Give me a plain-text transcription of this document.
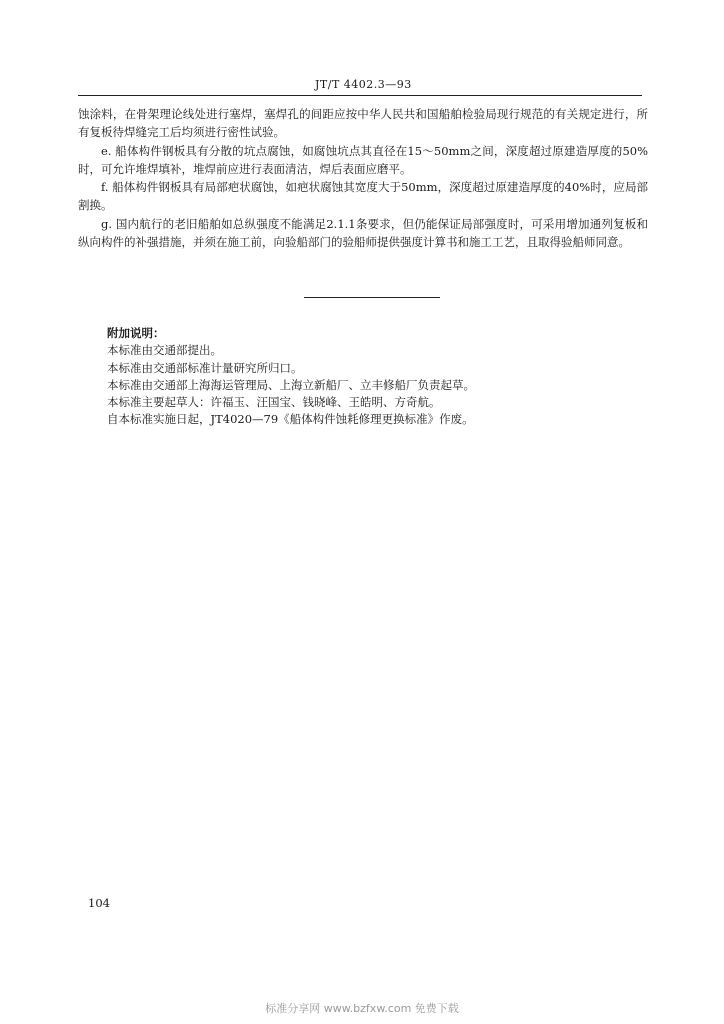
JT/T 4402.3—93

蚀涂料，在骨架理论线处进行塞焊，塞焊孔的间距应按中华人民共和国船舶检验局现行规范的有关规定进行，所有复板待焊缝完工后均须进行密性试验。

e. 船体构件钢板具有分散的坑点腐蚀，如腐蚀坑点其直径在15～50mm之间，深度超过原建造厚度的50%时，可允许堆焊填补，堆焊前应进行表面清洁，焊后表面应磨平。

f. 船体构件钢板具有局部疤状腐蚀，如疤状腐蚀其宽度大于50mm，深度超过原建造厚度的40%时，应局部割换。

g. 国内航行的老旧船舶如总纵强度不能满足2.1.1条要求，但仍能保证局部强度时，可采用增加通列复板和纵向构件的补强措施，并须在施工前，向验船部门的验船师提供强度计算书和施工工艺，且取得验船师同意。

附加说明：

本标准由交通部提出。

本标准由交通部标准计量研究所归口。

本标准由交通部上海海运管理局、上海立新船厂、立丰修船厂负责起草。

本标准主要起草人：许福玉、汪国宝、钱晓峰、王皓明、方奇航。

自本标准实施日起，JT4020—79《船体构件蚀耗修理更换标准》作废。

104
标准分享网 www.bzfxw.com 免费下载
